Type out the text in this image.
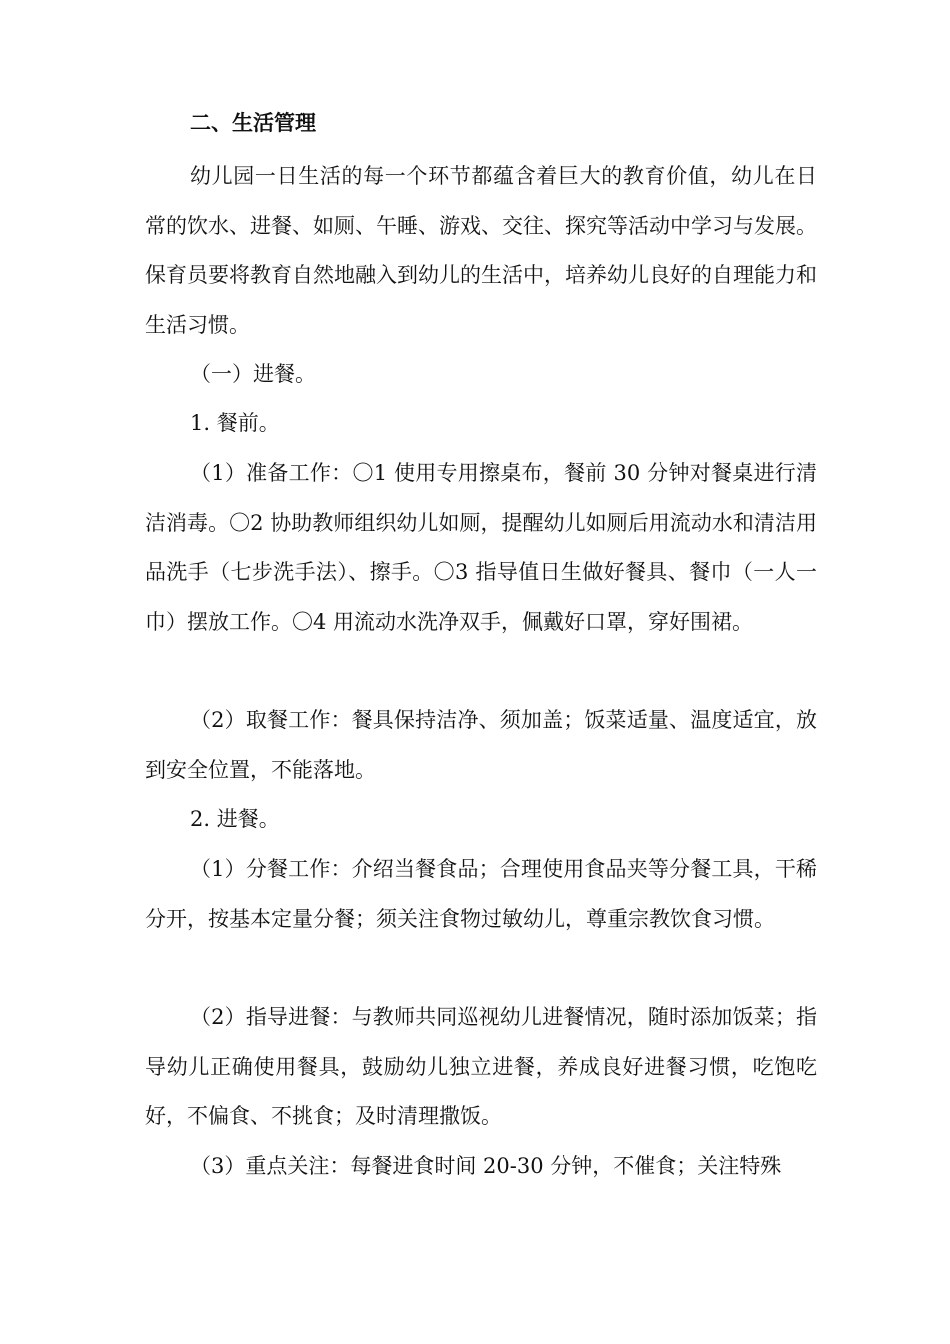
二、生活管理

幼儿园一日生活的每一个环节都蕴含着巨大的教育价值，幼儿在日常的饮水、进餐、如厕、午睡、游戏、交往、探究等活动中学习与发展。保育员要将教育自然地融入到幼儿的生活中，培养幼儿良好的自理能力和生活习惯。

（一）进餐。

1. 餐前。

（1）准备工作：〇1 使用专用擦桌布，餐前 30 分钟对餐桌进行清洁消毒。〇2 协助教师组织幼儿如厕，提醒幼儿如厕后用流动水和清洁用品洗手（七步洗手法）、擦手。〇3 指导值日生做好餐具、餐巾（一人一巾）摆放工作。〇4 用流动水洗净双手，佩戴好口罩，穿好围裙。

（2）取餐工作：餐具保持洁净、须加盖；饭菜适量、温度适宜，放到安全位置，不能落地。

2. 进餐。

（1）分餐工作：介绍当餐食品；合理使用食品夹等分餐工具，干稀分开，按基本定量分餐；须关注食物过敏幼儿，尊重宗教饮食习惯。

（2）指导进餐：与教师共同巡视幼儿进餐情况，随时添加饭菜；指导幼儿正确使用餐具，鼓励幼儿独立进餐，养成良好进餐习惯，吃饱吃好，不偏食、不挑食；及时清理撒饭。

（3）重点关注：每餐进食时间 20-30 分钟，不催食；关注特殊
